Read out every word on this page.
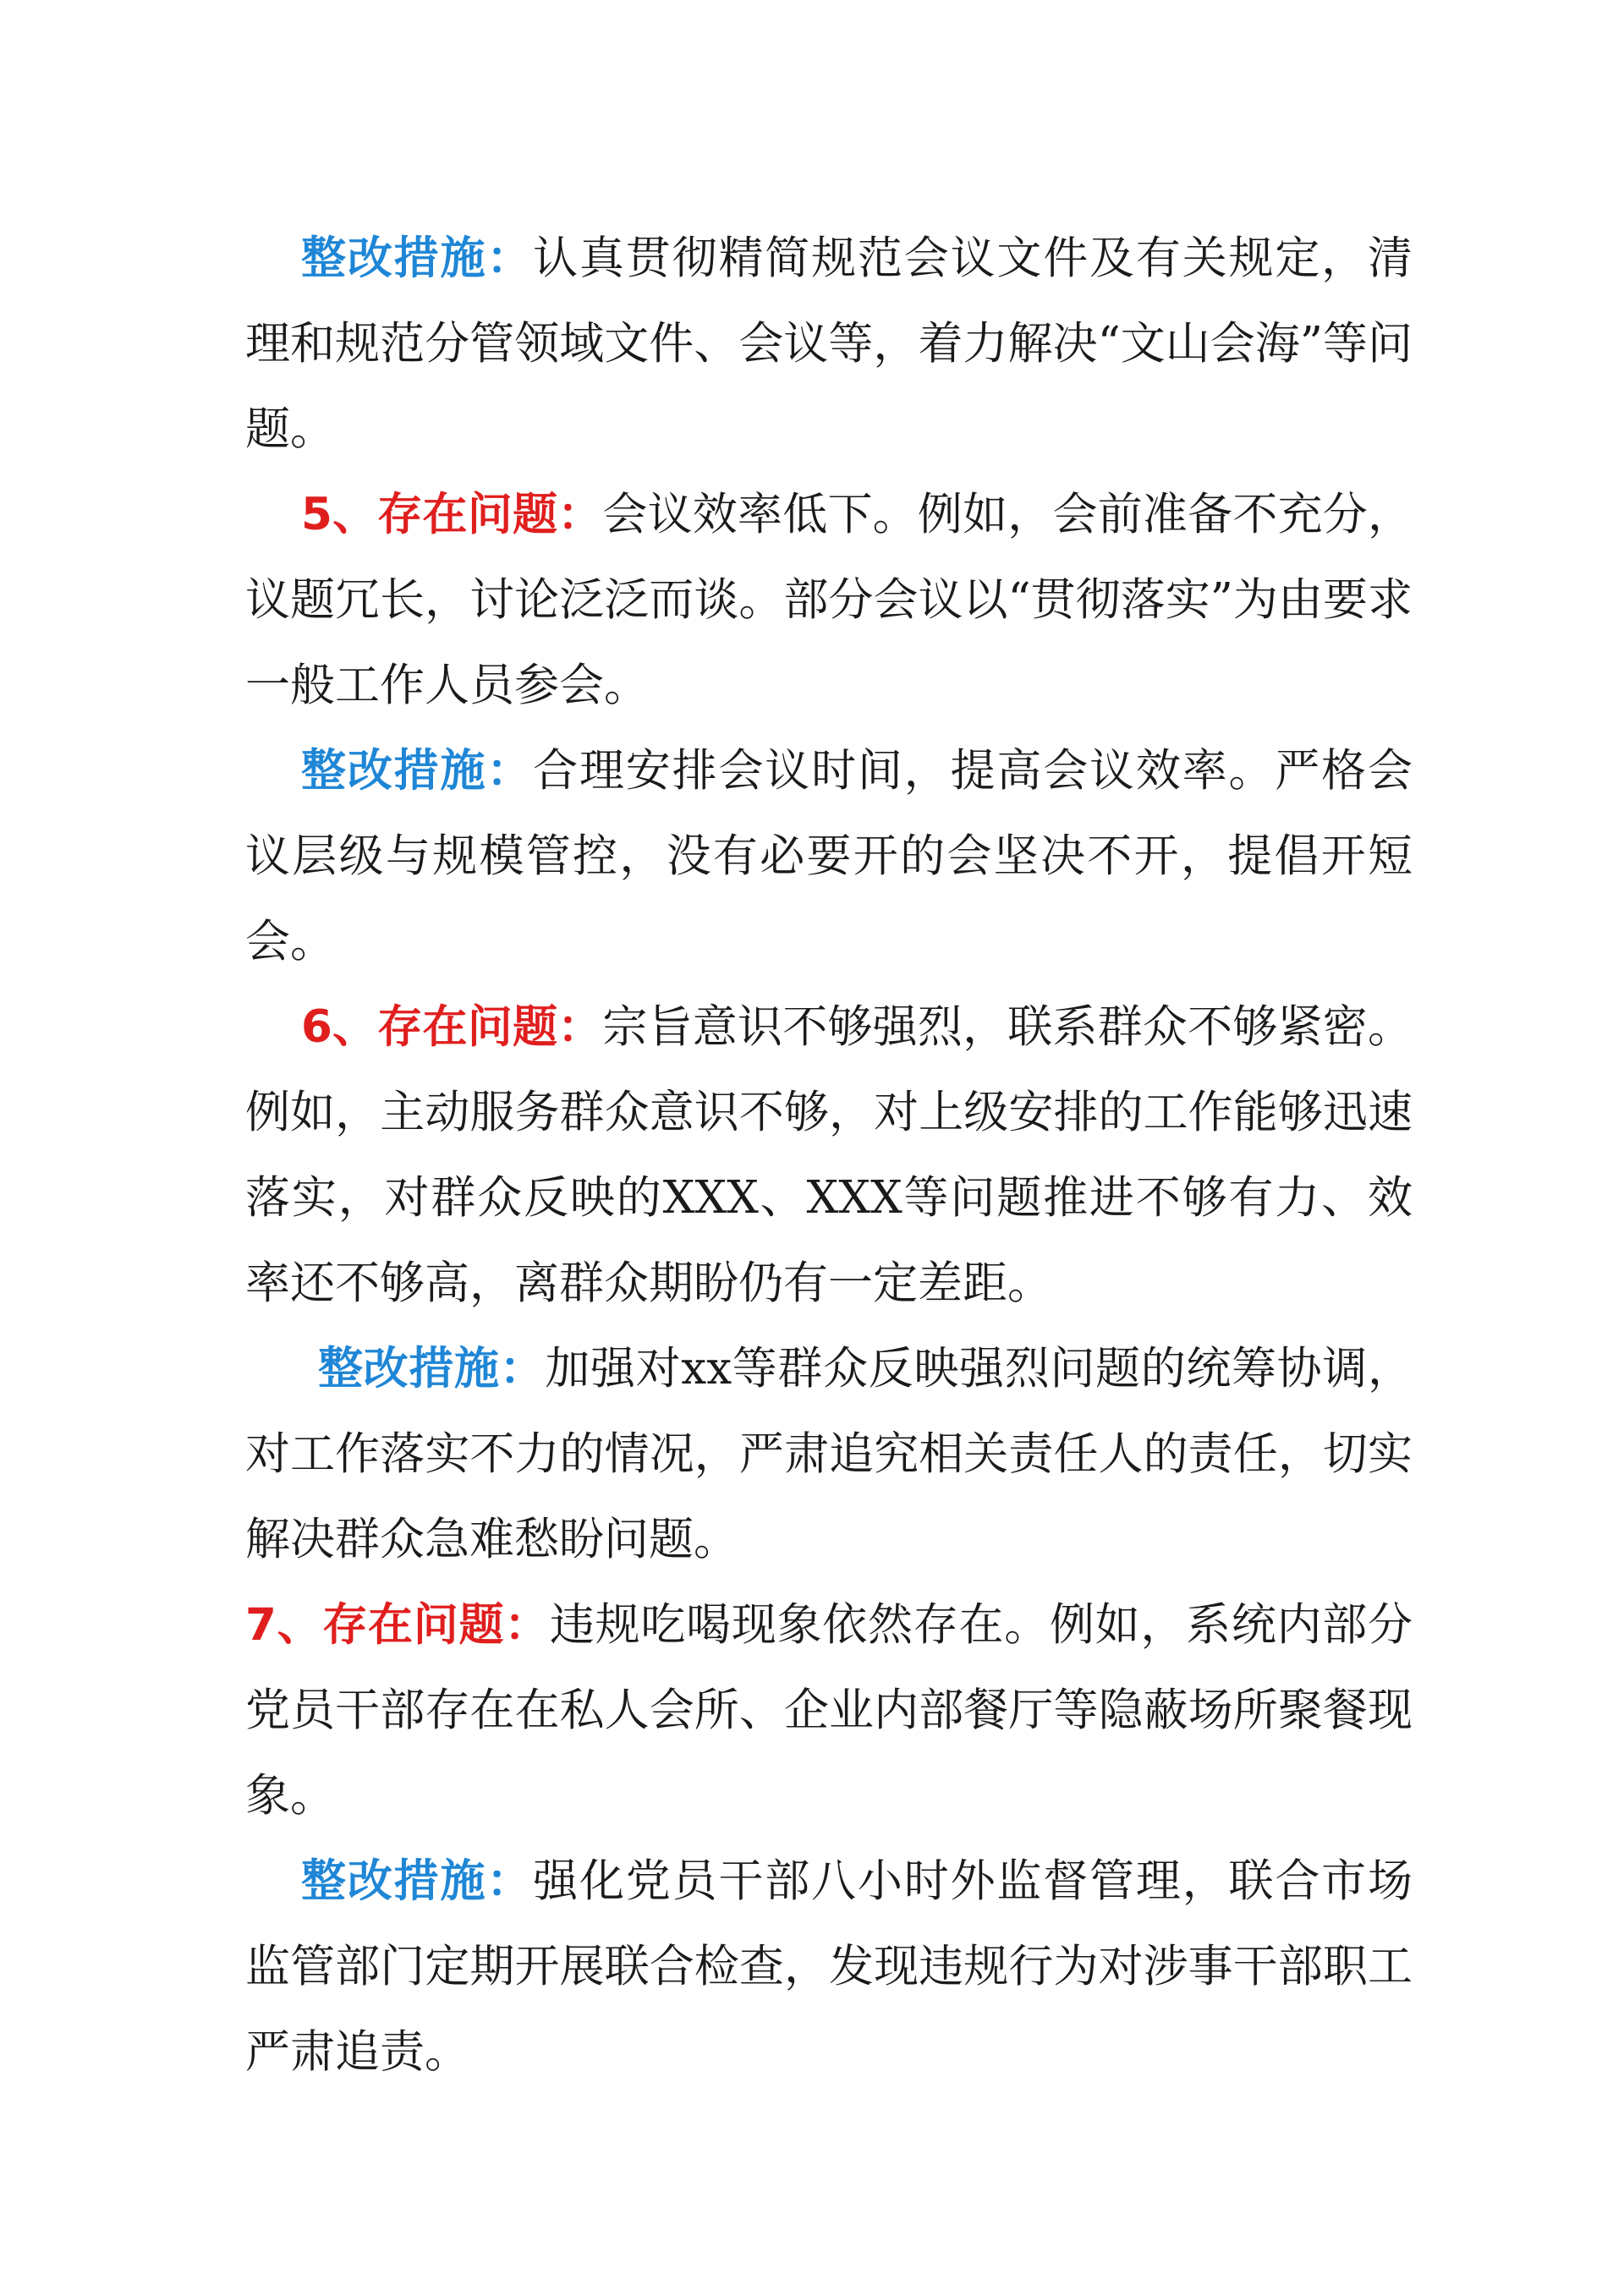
整改措施：认真贯彻精简规范会议文件及有关规定，清理和规范分管领域文件、会议等，着力解决“文山会海”等问题。

5、存在问题：会议效率低下。例如，会前准备不充分，议题冗长，讨论泛泛而谈。部分会议以“贯彻落实”为由要求一般工作人员参会。

整改措施：合理安排会议时间，提高会议效率。严格会议层级与规模管控，没有必要开的会坚决不开，提倡开短会。

6、存在问题：宗旨意识不够强烈，联系群众不够紧密。例如，主动服务群众意识不够，对上级安排的工作能够迅速落实，对群众反映的XXX、XXX等问题推进不够有力、效率还不够高，离群众期盼仍有一定差距。

整改措施：加强对xx等群众反映强烈问题的统筹协调，对工作落实不力的情况，严肃追究相关责任人的责任，切实解决群众急难愁盼问题。

7、存在问题：违规吃喝现象依然存在。例如，系统内部分党员干部存在在私人会所、企业内部餐厅等隐蔽场所聚餐现象。

整改措施：强化党员干部八小时外监督管理，联合市场监管部门定期开展联合检查，发现违规行为对涉事干部职工严肃追责。
